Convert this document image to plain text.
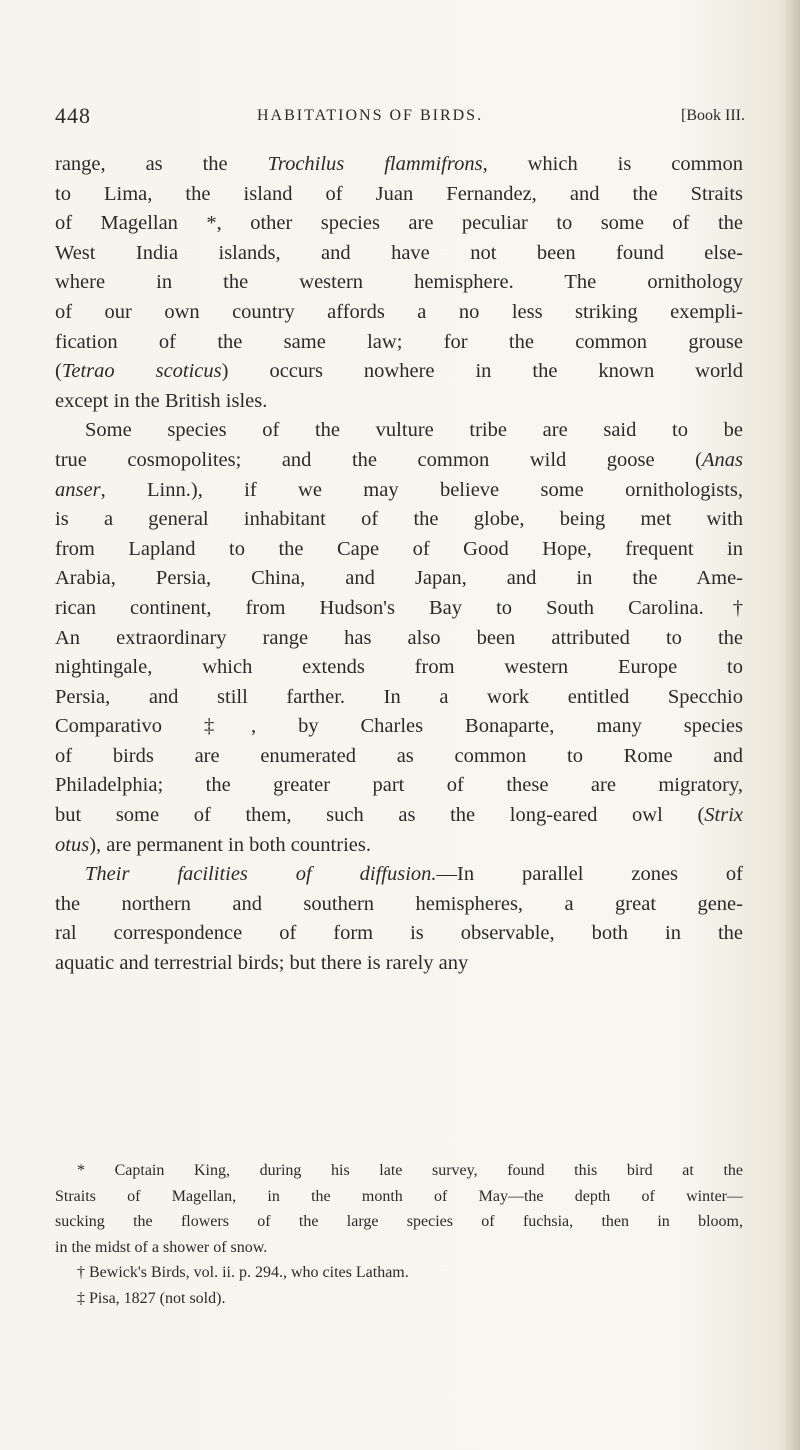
448	HABITATIONS OF BIRDS.	[Book III.
range, as the Trochilus flammifrons, which is common
to Lima, the island of Juan Fernandez, and the Straits
of Magellan *, other species are peculiar to some of the
West India islands, and have not been found else-
where in the western hemisphere. The ornithology
of our own country affords a no less striking exempli-
fication of the same law; for the common grouse
(Tetrao scoticus) occurs nowhere in the known world
except in the British isles.
Some species of the vulture tribe are said to be
true cosmopolites; and the common wild goose (Anas
anser, Linn.), if we may believe some ornithologists,
is a general inhabitant of the globe, being met with
from Lapland to the Cape of Good Hope, frequent in
Arabia, Persia, China, and Japan, and in the Ame-
rican continent, from Hudson's Bay to South Carolina.†
An extraordinary range has also been attributed to the
nightingale, which extends from western Europe to
Persia, and still farther. In a work entitled Specchio
Comparativo ‡, by Charles Bonaparte, many species
of birds are enumerated as common to Rome and
Philadelphia; the greater part of these are migratory,
but some of them, such as the long-eared owl (Strix
otus), are permanent in both countries.
Their facilities of diffusion.—In parallel zones of
the northern and southern hemispheres, a great gene-
ral correspondence of form is observable, both in the
aquatic and terrestrial birds; but there is rarely any
* Captain King, during his late survey, found this bird at the
Straits of Magellan, in the month of May—the depth of winter—
sucking the flowers of the large species of fuchsia, then in bloom,
in the midst of a shower of snow.
† Bewick's Birds, vol. ii. p. 294., who cites Latham.
‡ Pisa, 1827 (not sold).
